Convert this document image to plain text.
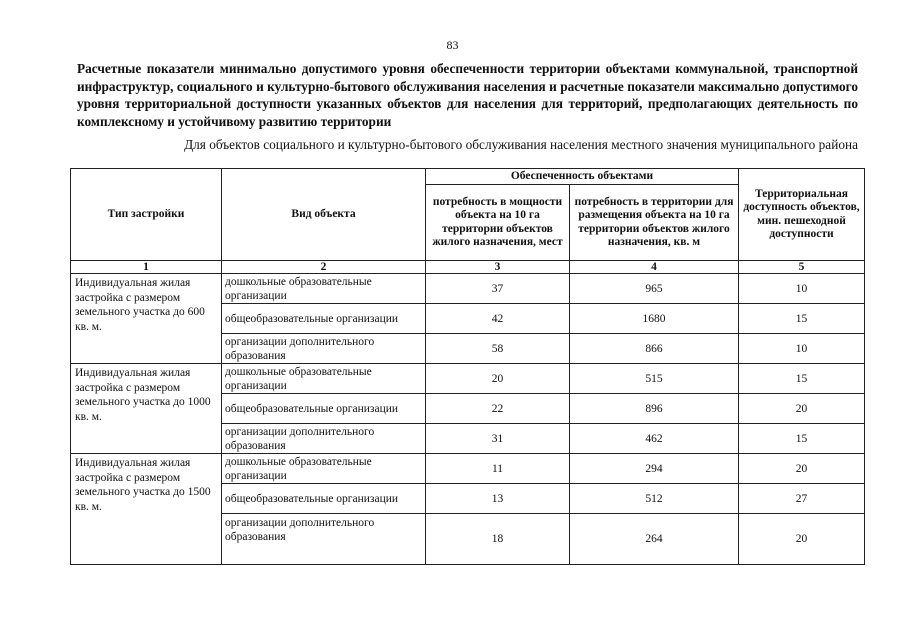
83
Расчетные показатели минимально допустимого уровня обеспеченности территории объектами коммунальной, транспортной инфраструктур, социального и культурно-бытового обслуживания населения и расчетные показатели максимально допустимого уровня территориальной доступности указанных объектов для населения для территорий, предполагающих деятельность по комплексному и устойчивому развитию территории
Для объектов социального и культурно-бытового обслуживания населения местного значения муниципального района
Тип застройки	Вид объекта	Обеспеченность объектами		Территориальная доступность объектов, мин. пешеходной доступности
		потребность в мощности объекта на 10 га территории объектов жилого назначения, мест	потребность в территории для размещения объекта на 10 га территории объектов жилого назначения, кв. м	
1	2	3	4	5
Индивидуальная жилая застройка с размером земельного участка до 600 кв. м.	дошкольные образовательные организации	37	965	10
	общеобразовательные организации	42	1680	15
	организации дополнительного образования	58	866	10
Индивидуальная жилая застройка с размером земельного участка до 1000 кв. м.	дошкольные образовательные организации	20	515	15
	общеобразовательные организации	22	896	20
	организации дополнительного образования	31	462	15
Индивидуальная жилая застройка с размером земельного участка до 1500 кв. м.	дошкольные образовательные организации	11	294	20
	общеобразовательные организации	13	512	27
	организации дополнительного образования	18	264	20
